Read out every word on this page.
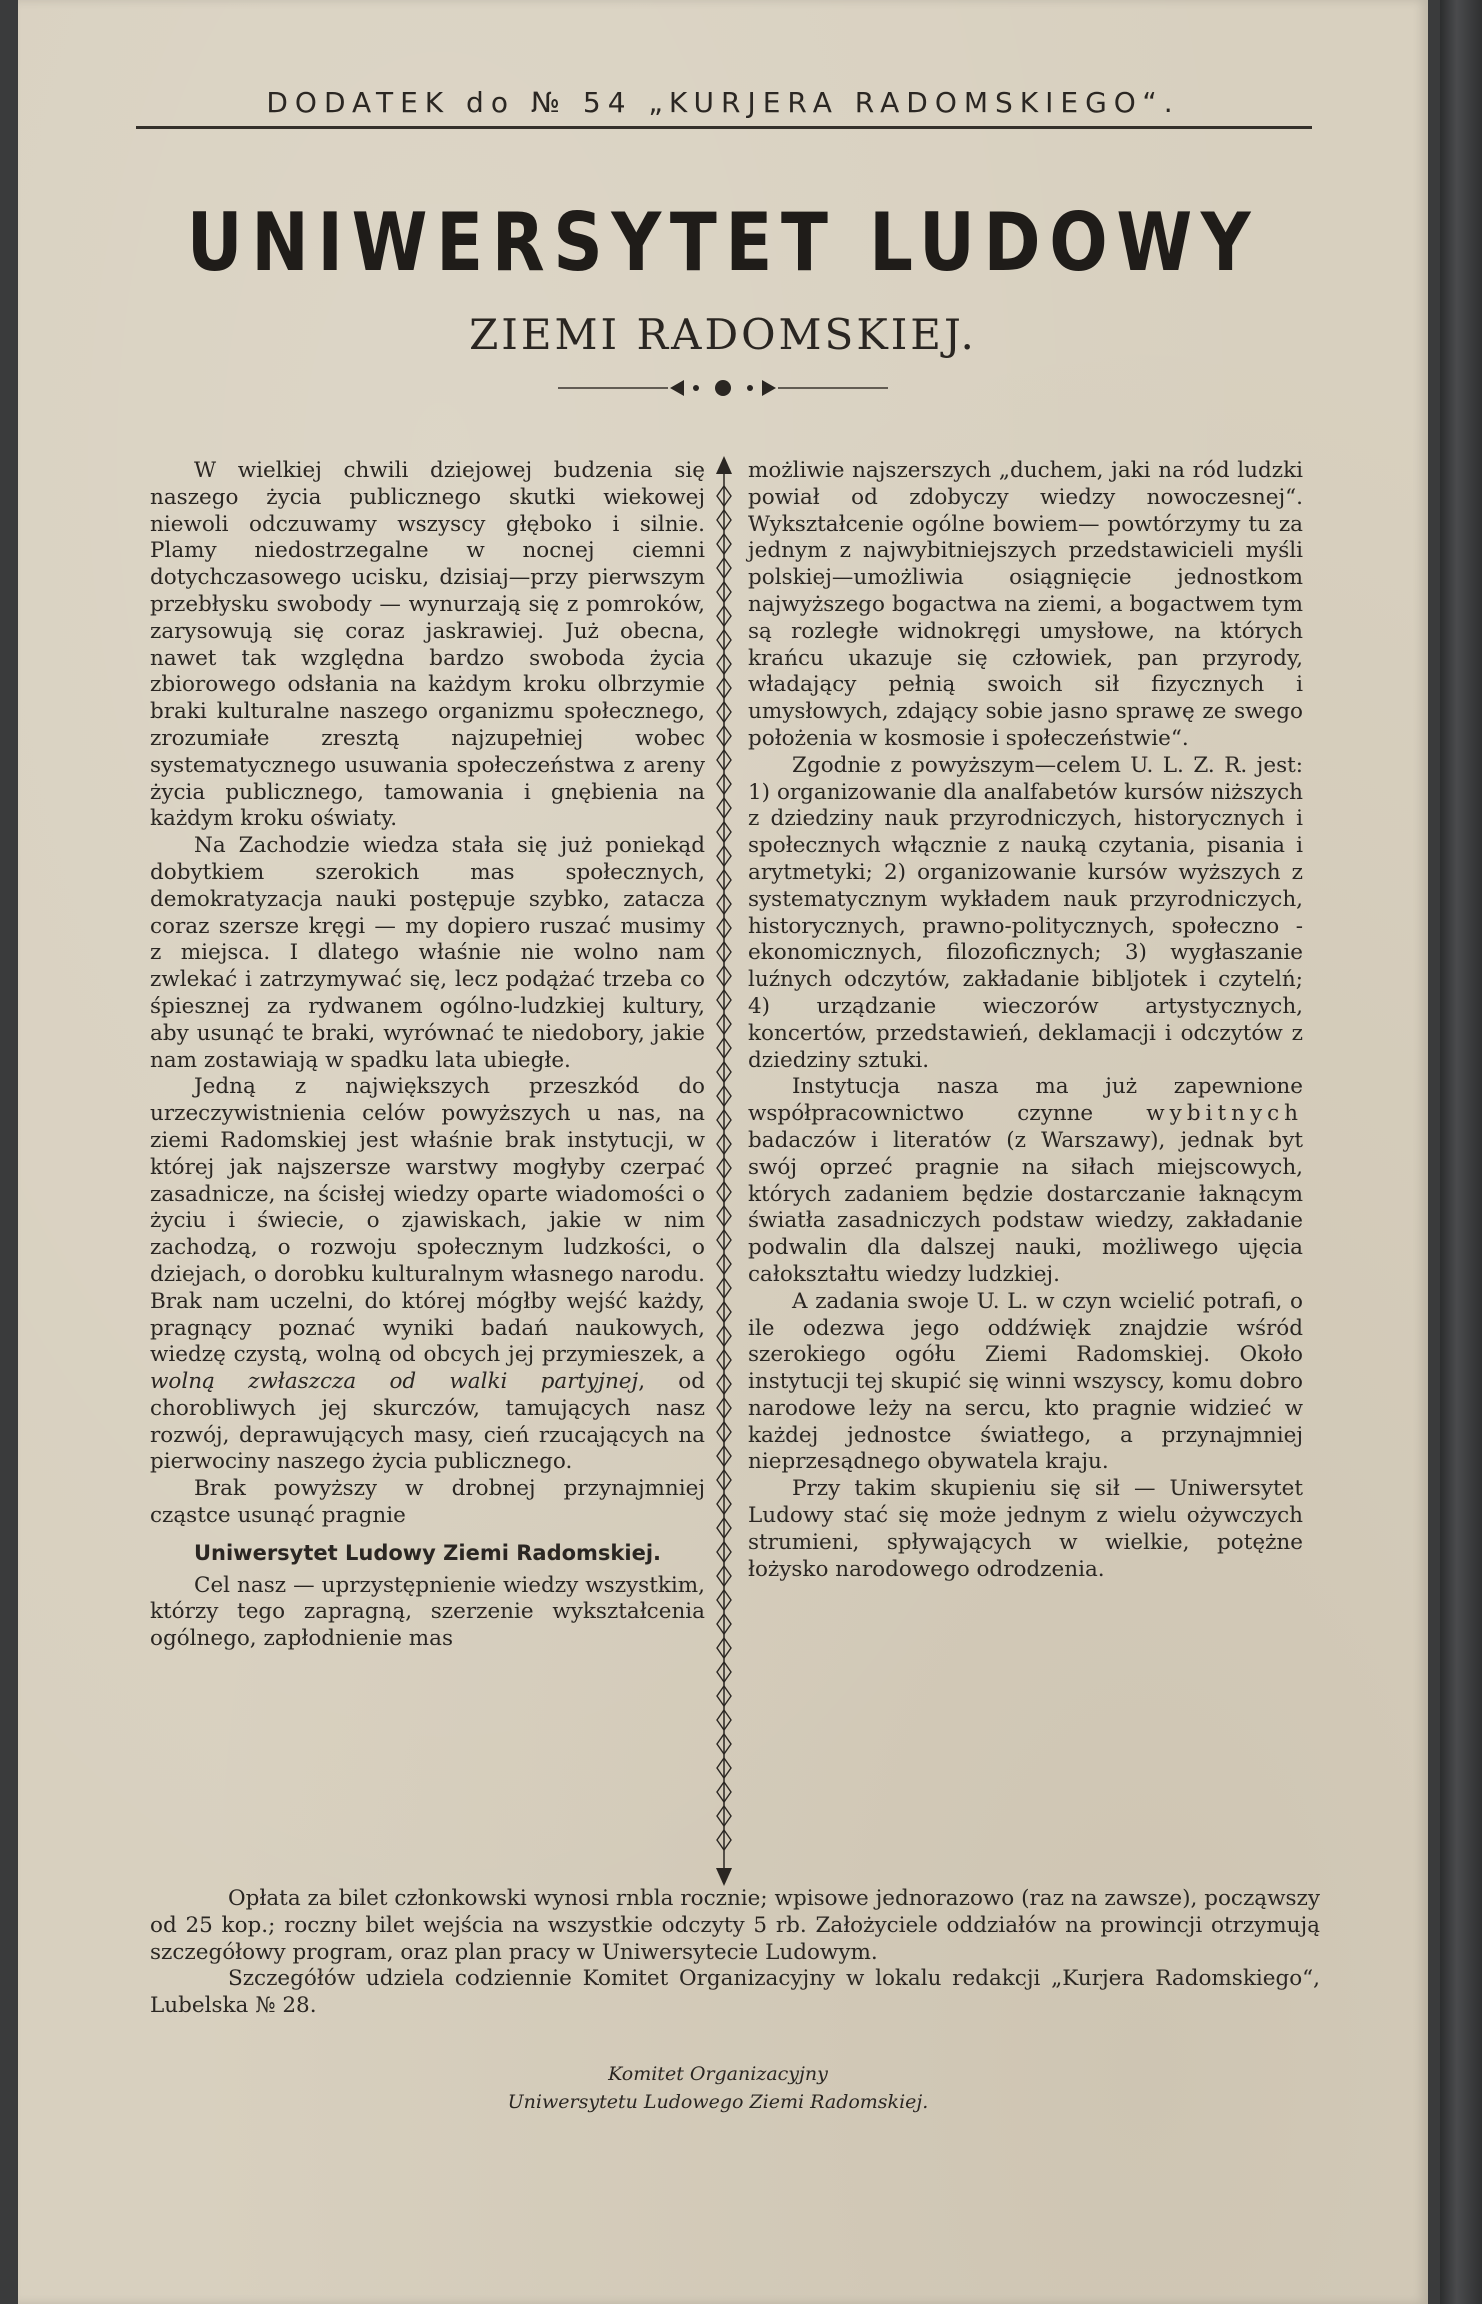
DODATEK do № 54 „KURJERA RADOMSKIEGO“.
UNIWERSYTET LUDOWY
ZIEMI RADOMSKIEJ.

W wielkiej chwili dziejowej budzenia się naszego życia publicznego skutki wiekowej niewoli odczuwamy wszyscy głęboko i silnie. Plamy niedostrzegalne w nocnej ciemni dotychczasowego ucisku, dzisiaj—przy pierwszym przebłysku swobody — wynurzają się z pomroków, zarysowują się coraz jaskrawiej. Już obecna, nawet tak względna bardzo swoboda życia zbiorowego odsłania na każdym kroku olbrzymie braki kulturalne naszego organizmu społecznego, zrozumiałe zresztą najzupełniej wobec systematycznego usuwania społeczeństwa z areny życia publicznego, tamowania i gnębienia na każdym kroku oświaty.

Na Zachodzie wiedza stała się już poniekąd dobytkiem szerokich mas społecznych, demokratyzacja nauki postępuje szybko, zatacza coraz szersze kręgi — my dopiero ruszać musimy z miejsca. I dlatego właśnie nie wolno nam zwlekać i zatrzymywać się, lecz podążać trzeba co śpiesznej za rydwanem ogólno-ludzkiej kultury, aby usunąć te braki, wyrównać te niedobory, jakie nam zostawiają w spadku lata ubiegłe.

Jedną z największych przeszkód do urzeczywistnienia celów powyższych u nas, na ziemi Radomskiej jest właśnie brak instytucji, w której jak najszersze warstwy mogłyby czerpać zasadnicze, na ścisłej wiedzy oparte wiadomości o życiu i świecie, o zjawiskach, jakie w nim zachodzą, o rozwoju społecznym ludzkości, o dziejach, o dorobku kulturalnym własnego narodu. Brak nam uczelni, do której mógłby wejść każdy, pragnący poznać wyniki badań naukowych, wiedzę czystą, wolną od obcych jej przymieszek, a wolną zwłaszcza od walki partyjnej, od chorobliwych jej skurczów, tamujących nasz rozwój, deprawujących masy, cień rzucających na pierwociny naszego życia publicznego.

Brak powyższy w drobnej przynajmniej cząstce usunąć pragnie

Uniwersytet Ludowy Ziemi Radomskiej.

Cel nasz — uprzystępnienie wiedzy wszystkim, którzy tego zapragną, szerzenie wykształcenia ogólnego, zapłodnienie mas

możliwie najszerszych „duchem, jaki na ród ludzki powiał od zdobyczy wiedzy nowoczesnej“. Wykształcenie ogólne bowiem— powtórzymy tu za jednym z najwybitniejszych przedstawicieli myśli polskiej—umożliwia osiągnięcie jednostkom najwyższego bogactwa na ziemi, a bogactwem tym są rozległe widnokręgi umysłowe, na których krańcu ukazuje się człowiek, pan przyrody, władający pełnią swoich sił fizycznych i umysłowych, zdający sobie jasno sprawę ze swego położenia w kosmosie i społeczeństwie“.

Zgodnie z powyższym—celem U. L. Z. R. jest: 1) organizowanie dla analfabetów kursów niższych z dziedziny nauk przyrodniczych, historycznych i społecznych włącznie z nauką czytania, pisania i arytmetyki; 2) organizowanie kursów wyższych z systematycznym wykładem nauk przyrodniczych, historycznych, prawno-politycznych, społeczno - ekonomicznych, filozoficznych; 3) wygłaszanie luźnych odczytów, zakładanie bibljotek i czytelń; 4) urządzanie wieczorów artystycznych, koncertów, przedstawień, deklamacji i odczytów z dziedziny sztuki.

Instytucja nasza ma już zapewnione współpracownictwo czynne wybitnych badaczów i literatów (z Warszawy), jednak byt swój oprzeć pragnie na siłach miejscowych, których zadaniem będzie dostarczanie łaknącym światła zasadniczych podstaw wiedzy, zakładanie podwalin dla dalszej nauki, możliwego ujęcia całokształtu wiedzy ludzkiej.

A zadania swoje U. L. w czyn wcielić potrafi, o ile odezwa jego oddźwięk znajdzie wśród szerokiego ogółu Ziemi Radomskiej. Około instytucji tej skupić się winni wszyscy, komu dobro narodowe leży na sercu, kto pragnie widzieć w każdej jednostce światłego, a przynajmniej nieprzesądnego obywatela kraju.

Przy takim skupieniu się sił — Uniwersytet Ludowy stać się może jednym z wielu ożywczych strumieni, spływających w wielkie, potężne łożysko narodowego odrodzenia.

Opłata za bilet członkowski wynosi rnbla rocznie; wpisowe jednorazowo (raz na zawsze), począwszy od 25 kop.; roczny bilet wejścia na wszystkie odczyty 5 rb. Założyciele oddziałów na prowincji otrzymują szczegółowy program, oraz plan pracy w Uniwersytecie Ludowym.

Szczegółów udziela codziennie Komitet Organizacyjny w lokalu redakcji „Kurjera Radomskiego“, Lubelska № 28.

Komitet Organizacyjny
Uniwersytetu Ludowego Ziemi Radomskiej.
